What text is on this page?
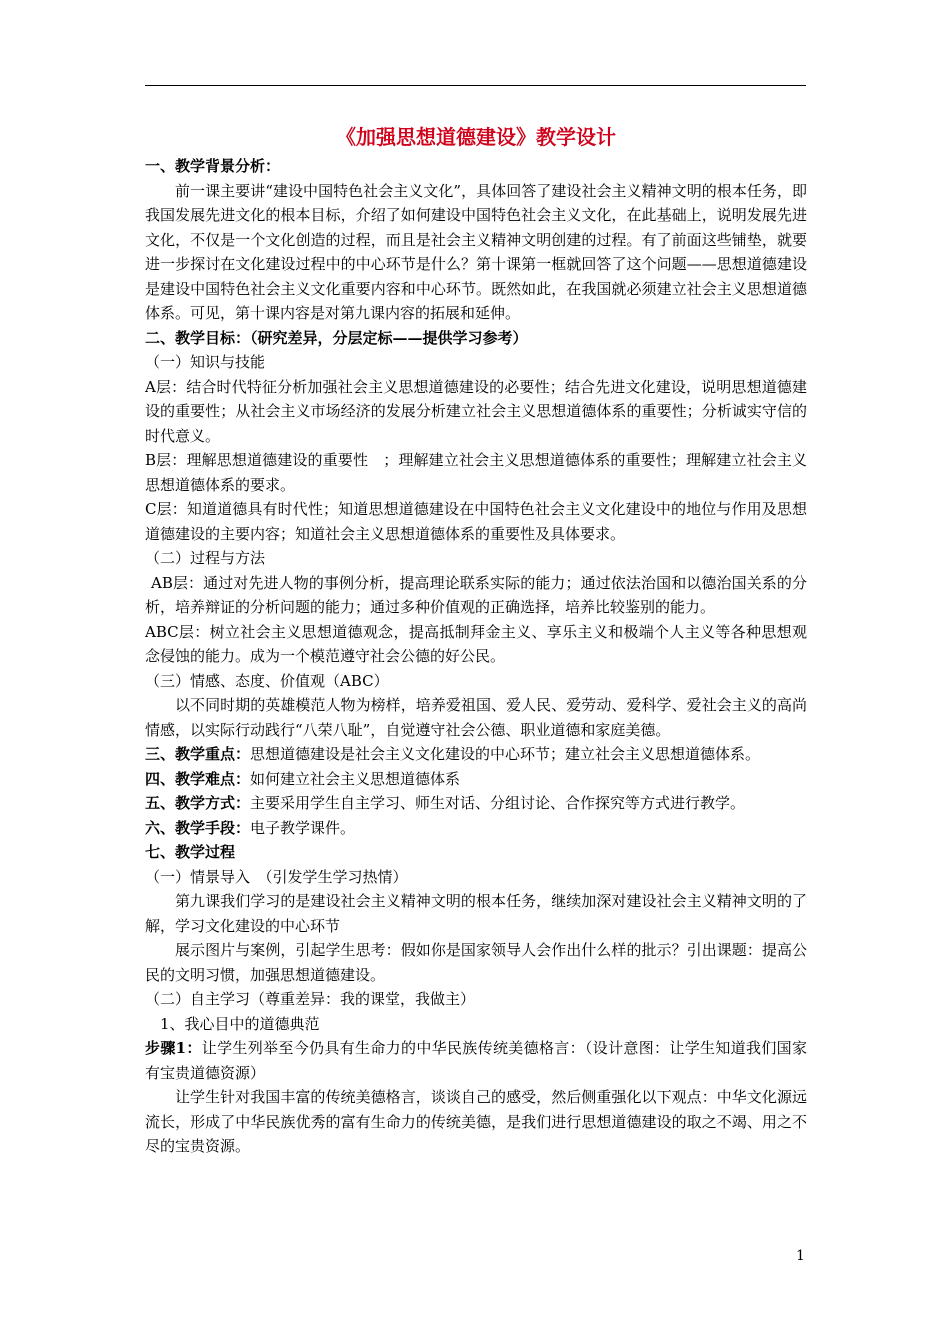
《加强思想道德建设》教学设计

一、教学背景分析：

前一课主要讲“建设中国特色社会主义文化”，具体回答了建设社会主义精神文明的根本任务，即我国发展先进文化的根本目标，介绍了如何建设中国特色社会主义文化，在此基础上，说明发展先进文化，不仅是一个文化创造的过程，而且是社会主义精神文明创建的过程。有了前面这些铺垫，就要进一步探讨在文化建设过程中的中心环节是什么？第十课第一框就回答了这个问题——思想道德建设是建设中国特色社会主义文化重要内容和中心环节。既然如此，在我国就必须建立社会主义思想道德体系。可见，第十课内容是对第九课内容的拓展和延伸。

二、教学目标：（研究差异，分层定标——提供学习参考）

（一）知识与技能

A层：结合时代特征分析加强社会主义思想道德建设的必要性；结合先进文化建设，说明思想道德建设的重要性；从社会主义市场经济的发展分析建立社会主义思想道德体系的重要性；分析诚实守信的时代意义。

B层：理解思想道德建设的重要性　；理解建立社会主义思想道德体系的重要性；理解建立社会主义思想道德体系的要求。

C层：知道道德具有时代性；知道思想道德建设在中国特色社会主义文化建设中的地位与作用及思想道德建设的主要内容；知道社会主义思想道德体系的重要性及具体要求。

（二）过程与方法

AB层：通过对先进人物的事例分析，提高理论联系实际的能力；通过依法治国和以德治国关系的分析，培养辩证的分析问题的能力；通过多种价值观的正确选择，培养比较鉴别的能力。

ABC层：树立社会主义思想道德观念，提高抵制拜金主义、享乐主义和极端个人主义等各种思想观念侵蚀的能力。成为一个模范遵守社会公德的好公民。

（三）情感、态度、价值观（ABC）

以不同时期的英雄模范人物为榜样，培养爱祖国、爱人民、爱劳动、爱科学、爱社会主义的高尚情感，以实际行动践行“八荣八耻”，自觉遵守社会公德、职业道德和家庭美德。

三、教学重点：思想道德建设是社会主义文化建设的中心环节；建立社会主义思想道德体系。

四、教学难点：如何建立社会主义思想道德体系

五、教学方式：主要采用学生自主学习、师生对话、分组讨论、合作探究等方式进行教学。

六、教学手段：电子教学课件。

七、教学过程

（一）情景导入　（引发学生学习热情）

第九课我们学习的是建设社会主义精神文明的根本任务，继续加深对建设社会主义精神文明的了解，学习文化建设的中心环节

展示图片与案例，引起学生思考：假如你是国家领导人会作出什么样的批示？引出课题：提高公民的文明习惯，加强思想道德建设。

（二）自主学习（尊重差异：我的课堂，我做主）

1、我心目中的道德典范

步骤1：让学生列举至今仍具有生命力的中华民族传统美德格言：（设计意图：让学生知道我们国家有宝贵道德资源）

让学生针对我国丰富的传统美德格言，谈谈自己的感受，然后侧重强化以下观点：中华文化源远流长，形成了中华民族优秀的富有生命力的传统美德，是我们进行思想道德建设的取之不竭、用之不尽的宝贵资源。

1
